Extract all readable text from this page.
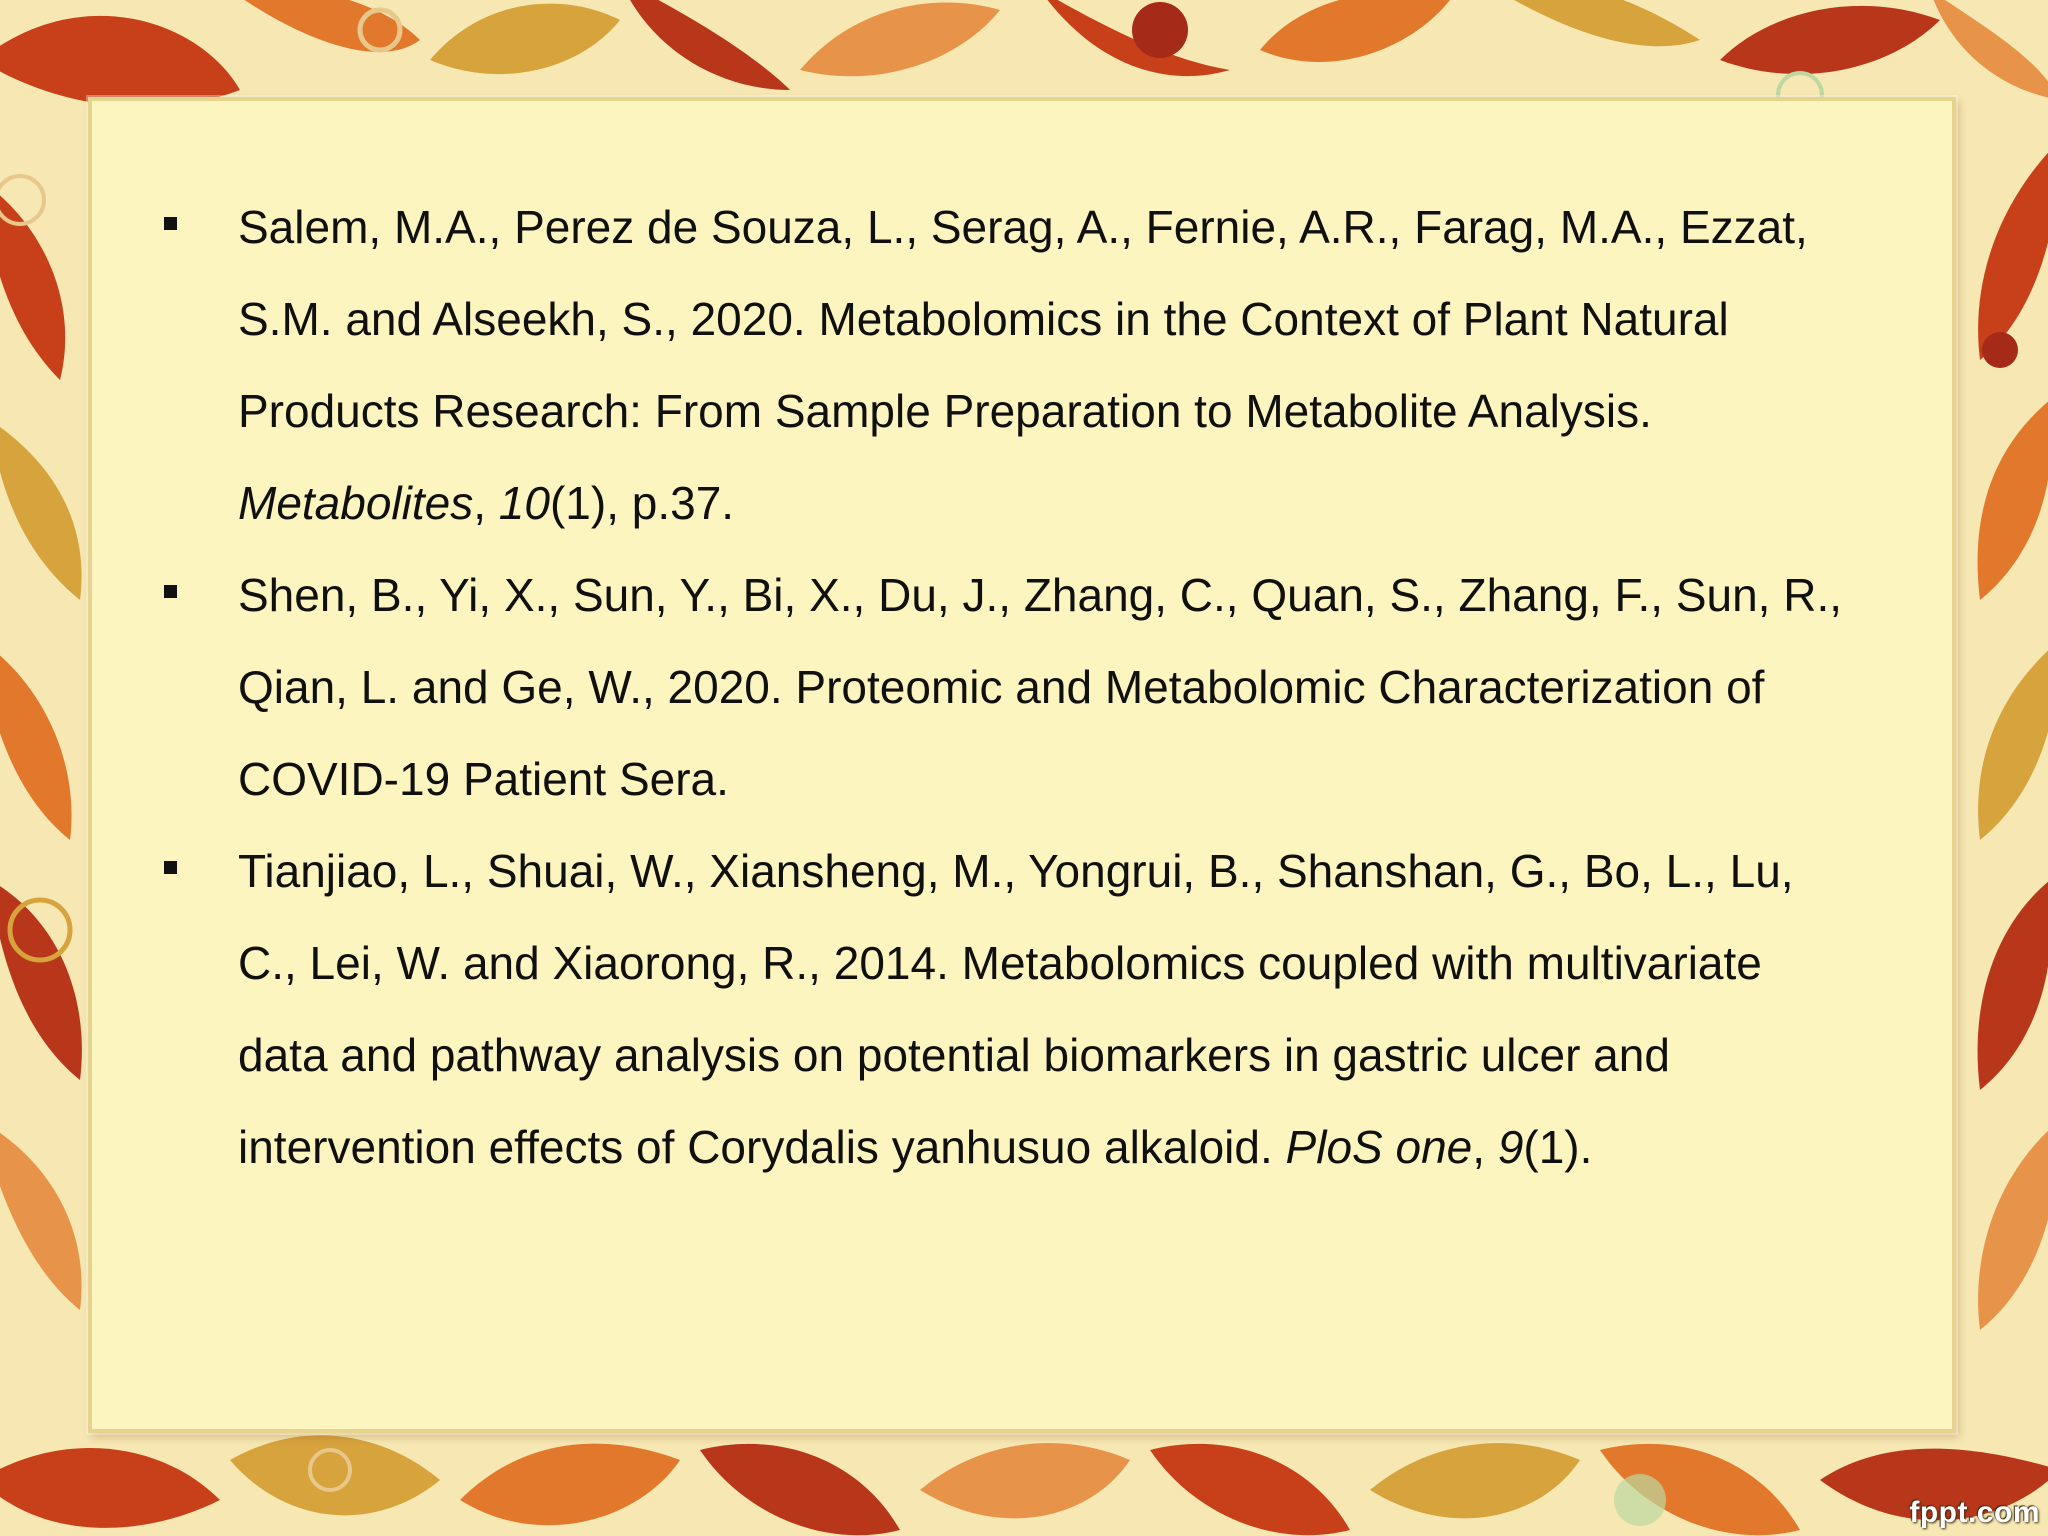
Salem, M.A., Perez de Souza, L., Serag, A., Fernie, A.R., Farag, M.A., Ezzat, S.M. and Alseekh, S., 2020. Metabolomics in the Context of Plant Natural Products Research: From Sample Preparation to Metabolite Analysis. Metabolites, 10(1), p.37.
Shen, B., Yi, X., Sun, Y., Bi, X., Du, J., Zhang, C., Quan, S., Zhang, F., Sun, R., Qian, L. and Ge, W., 2020. Proteomic and Metabolomic Characterization of COVID-19 Patient Sera.
Tianjiao, L., Shuai, W., Xiansheng, M., Yongrui, B., Shanshan, G., Bo, L., Lu, C., Lei, W. and Xiaorong, R., 2014. Metabolomics coupled with multivariate data and pathway analysis on potential biomarkers in gastric ulcer and intervention effects of Corydalis yanhusuo alkaloid. PloS one, 9(1).
fppt.com
